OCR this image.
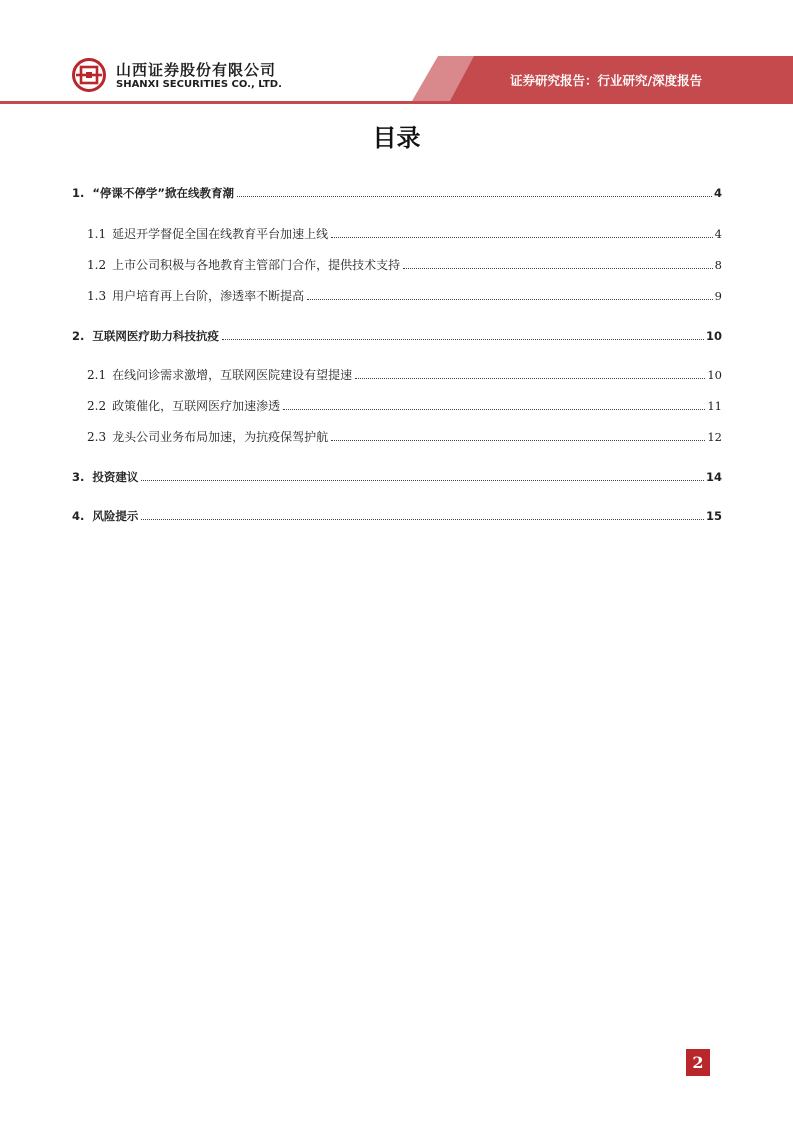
山西证券股份有限公司
SHANXI SECURITIES CO., LTD.	证券研究报告：行业研究/深度报告
目录
1. “停课不停学”掀在线教育潮	4
1.1 延迟开学督促全国在线教育平台加速上线	4
1.2 上市公司积极与各地教育主管部门合作，提供技术支持	8
1.3 用户培育再上台阶，渗透率不断提高	9
2. 互联网医疗助力科技抗疫	10
2.1 在线问诊需求激增，互联网医院建设有望提速	10
2.2 政策催化，互联网医疗加速渗透	11
2.3 龙头公司业务布局加速，为抗疫保驾护航	12
3. 投资建议	14
4. 风险提示	15
2
